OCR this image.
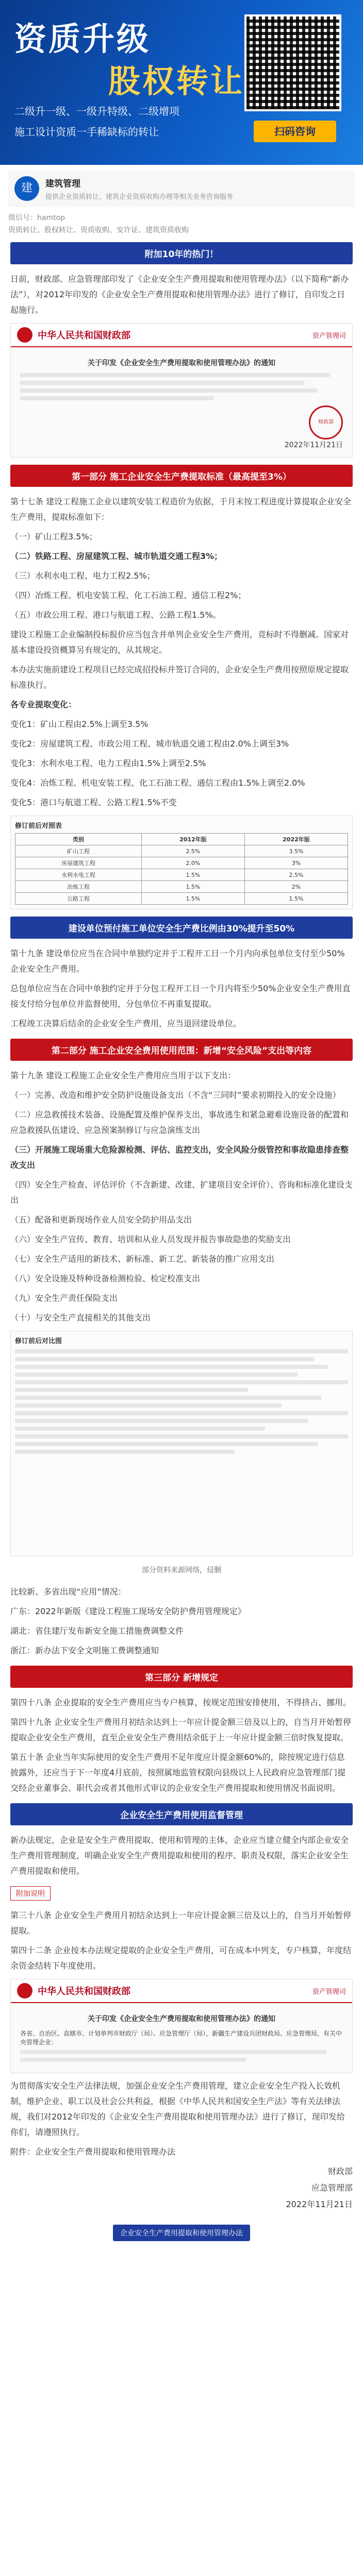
资质升级
股权转让
二级升一级、一级升特级、二级增项
施工设计资质一手稀缺标的转让	扫码咨询
建	建筑管理
提供企业资质转让、建筑企业资质收购办理等相关业务咨询服务
微信号：hamtop
资质转让、股权转让、资质收购、安许证、建筑资质收购
附加10年的热门！

日前，财政部、应急管理部印发了《企业安全生产费用提取和使用管理办法》（以下简称“新办法”），对2012年印发的《企业安全生产费用提取和使用管理办法》进行了修订，自印发之日起施行。

中华人民共和国财政部	资产管理司
关于印发《企业安全生产费用提取和使用管理办法》的通知
财政部
2022年11月21日
第一部分 施工企业安全生产费提取标准（最高提至3%）

第十七条 建设工程施工企业以建筑安装工程造价为依据，于月末按工程进度计算提取企业安全生产费用，提取标准如下：

（一）矿山工程3.5%；

（二）铁路工程、房屋建筑工程、城市轨道交通工程3%；

（三）水利水电工程、电力工程2.5%；

（四）冶炼工程、机电安装工程、化工石油工程、通信工程2%；

（五）市政公用工程、港口与航道工程、公路工程1.5%。

建设工程施工企业编制投标报价应当包含并单列企业安全生产费用，竞标时不得删减。国家对基本建设投资概算另有规定的，从其规定。

本办法实施前建设工程项目已经完成招投标并签订合同的，企业安全生产费用按照原规定提取标准执行。

各专业提取变化：

变化1：矿山工程由2.5%上调至3.5%

变化2：房屋建筑工程、市政公用工程、城市轨道交通工程由2.0%上调至3%

变化3：水利水电工程、电力工程由1.5%上调至2.5%

变化4：冶炼工程、机电安装工程、化工石油工程、通信工程由1.5%上调至2.0%

变化5：港口与航道工程、公路工程1.5%不变

修订前后对照表
类别	2012年版	2022年版
矿山工程	2.5%	3.5%
房屋建筑工程	2.0%	3%
水利水电工程	1.5%	2.5%
冶炼工程	1.5%	2%
公路工程	1.5%	1.5%
建设单位预付施工单位安全生产费比例由30%提升至50%

第十九条 建设单位应当在合同中单独约定并于工程开工日一个月内向承包单位支付至少50%企业安全生产费用。

总包单位应当在合同中单独约定并于分包工程开工日一个月内将至少50%企业安全生产费用直接支付给分包单位并监督使用，分包单位不再重复提取。

工程竣工决算后结余的企业安全生产费用，应当退回建设单位。

第二部分 施工企业安全费用使用范围：新增“安全风险”支出等内容

第十九条 建设工程施工企业安全生产费用应当用于以下支出：

（一）完善、改造和维护安全防护设施设备支出（不含“三同时”要求初期投入的安全设施）

（二）应急救援技术装备、设施配置及维护保养支出，事故逃生和紧急避难设施设备的配置和应急救援队伍建设、应急预案制修订与应急演练支出

（三）开展施工现场重大危险源检测、评估、监控支出，安全风险分级管控和事故隐患排查整改支出

（四）安全生产检查、评估评价（不含新建、改建、扩建项目安全评价）、咨询和标准化建设支出

（五）配备和更新现场作业人员安全防护用品支出

（六）安全生产宣传、教育、培训和从业人员发现并报告事故隐患的奖励支出

（七）安全生产适用的新技术、新标准、新工艺、新装备的推广应用支出

（八）安全设施及特种设备检测检验、检定校准支出

（九）安全生产责任保险支出

（十）与安全生产直接相关的其他支出

修订前后对比图

部分资料来源网络，侵删

比较新、多省出现“应用”情况：

广东：2022年新版《建设工程施工现场安全防护费用管理规定》

湖北：省住建厅发布新安全施工措施费调整文件

浙江：新办法下安全文明施工费调整通知

第三部分 新增规定

第四十八条 企业提取的安全生产费用应当专户核算，按规定范围安排使用，不得挤占、挪用。

第四十九条 企业安全生产费用月初结余达到上一年应计提金额三倍及以上的，自当月开始暂停提取企业安全生产费用，直至企业安全生产费用结余低于上一年应计提金额三倍时恢复提取。

第五十条 企业当年实际使用的安全生产费用不足年度应计提金额60%的，除按规定进行信息披露外，还应当于下一年度4月底前，按照属地监管权限向县级以上人民政府应急管理部门提交经企业董事会、职代会或者其他形式审议的企业安全生产费用提取和使用情况书面说明。

企业安全生产费用使用监督管理

新办法规定，企业是安全生产费用提取、使用和管理的主体，企业应当建立健全内部企业安全生产费用管理制度，明确企业安全生产费用提取和使用的程序、职责及权限，落实企业安全生产费用提取和使用。

附加说明

第三十八条 企业安全生产费用月初结余达到上一年应计提金额三倍及以上的，自当月开始暂停提取。

第四十二条 企业按本办法规定提取的企业安全生产费用，可在成本中列支，专户核算，年度结余资金结转下年度使用。

中华人民共和国财政部	资产管理司
关于印发《企业安全生产费用提取和使用管理办法》的通知
各省、自治区、直辖市、计划单列市财政厅（局）、应急管理厅（局），新疆生产建设兵团财政局、应急管理局，有关中央管理企业：

为贯彻落实安全生产法律法规，加强企业安全生产费用管理，建立企业安全生产投入长效机制，维护企业、职工以及社会公共利益，根据《中华人民共和国安全生产法》等有关法律法规，我们对2012年印发的《企业安全生产费用提取和使用管理办法》进行了修订，现印发给你们，请遵照执行。

附件：企业安全生产费用提取和使用管理办法

财政部

应急管理部

2022年11月21日

企业安全生产费用提取和使用管理办法
